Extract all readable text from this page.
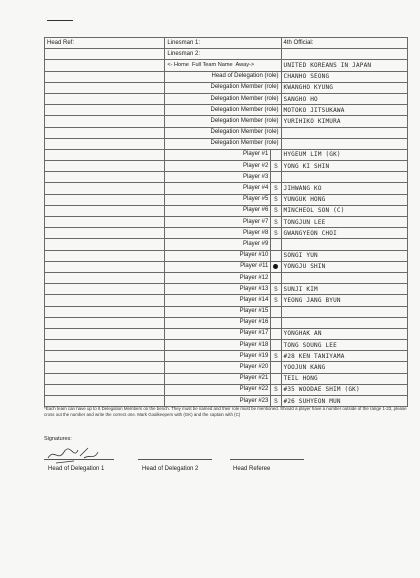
Head Ref:	Linesman 1:		4th Official:
	Linesman 2:		
	<- Home Full Team Name Away->		UNITED KOREANS IN JAPAN
	Head of Delegation (role)		CHANHO SEONG
	Delegation Member (role)		KWANGHO KYUNG
	Delegation Member (role)		SANGHO HO
	Delegation Member (role)		MOTOKO JITSUKAWA
	Delegation Member (role)		YURIHIKO KIMURA
	Delegation Member (role)		
	Delegation Member (role)		
	Player #1		HYGEUM LIM (GK)
	Player #2	S	YONG KI SHIN
	Player #3		
	Player #4	S	JIHWANG KO
	Player #5	S	YUNGUK HONG
	Player #6	S	MINCHEOL SON (C)
	Player #7	S	TONGJUN LEE
	Player #8	S	GWANGYEON CHOI
	Player #9		
	Player #10		SONGI YUN
	Player #11		YONGJU SHIN
	Player #12		
	Player #13	S	SUNJI KIM
	Player #14	S	YEONG JANG BYUN
	Player #15		
	Player #16		
	Player #17		YONGHAK AN
	Player #18		TONG SOUNG LEE
	Player #19	S	#28 KEN TANIYAMA
	Player #20		YOOJUN KANG
	Player #21		TEIL HONG
	Player #22	S	#35 WOODAE SHIM (GK)
	Player #23	S	#26 SUHYEON MUN
*Each team can have up to 6 Delegation Members on the bench. They must be named and their role must be mentioned. Should a player have a number outside of the range 1-23, please cross out the number and write the correct one. Mark Goalkeepers with (GK) and the captain with (C)
Signatures:
Head of Delegation 1	Head of Delegation 2	Head Referee
